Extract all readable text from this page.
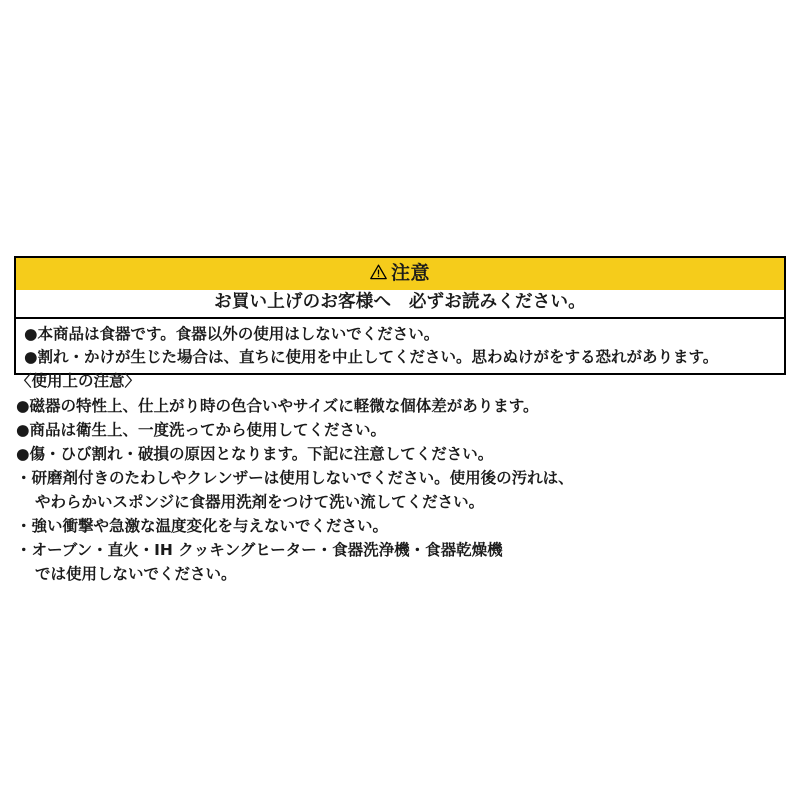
注意
お買い上げのお客様へ　必ずお読みください。
●本商品は食器です。食器以外の使用はしないでください。
●割れ・かけが生じた場合は、直ちに使用を中止してください。思わぬけがをする恐れがあります。
〈使用上の注意〉
●磁器の特性上、仕上がり時の色合いやサイズに軽微な個体差があります。
●商品は衛生上、一度洗ってから使用してください。
●傷・ひび割れ・破損の原因となります。下記に注意してください。
・研磨剤付きのたわしやクレンザーは使用しないでください。使用後の汚れは、
やわらかいスポンジに食器用洗剤をつけて洗い流してください。
・強い衝撃や急激な温度変化を与えないでください。
・オーブン・直火・IH クッキングヒーター・食器洗浄機・食器乾燥機
では使用しないでください。
